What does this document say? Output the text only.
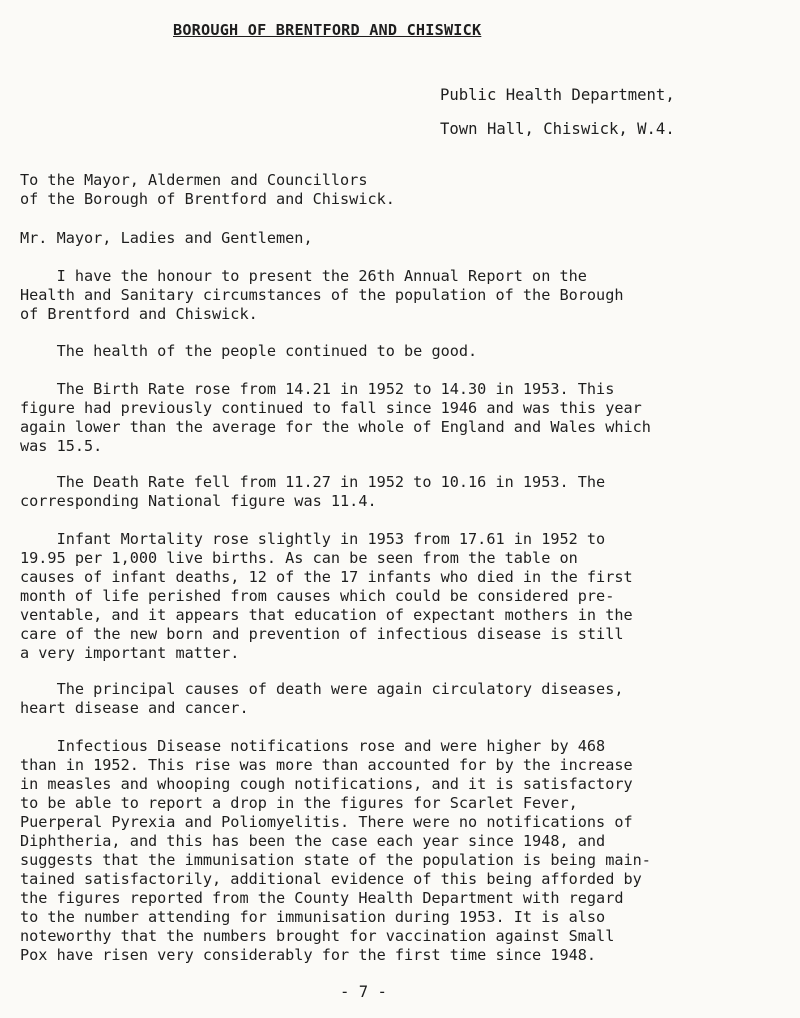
BOROUGH OF BRENTFORD AND CHISWICK
Public Health Department,
Town Hall, Chiswick, W.4.

To the Mayor, Aldermen and Councillors

of the Borough of Brentford and Chiswick.

Mr. Mayor, Ladies and Gentlemen,

I have the honour to present the 26th Annual Report on the

Health and Sanitary circumstances of the population of the Borough

of Brentford and Chiswick.

The health of the people continued to be good.

The Birth Rate rose from 14.21 in 1952 to 14.30 in 1953. This

figure had previously continued to fall since 1946 and was this year

again lower than the average for the whole of England and Wales which

was 15.5.

The Death Rate fell from 11.27 in 1952 to 10.16 in 1953. The

corresponding National figure was 11.4.

Infant Mortality rose slightly in 1953 from 17.61 in 1952 to

19.95 per 1,000 live births. As can be seen from the table on

causes of infant deaths, 12 of the 17 infants who died in the first

month of life perished from causes which could be considered pre-

ventable, and it appears that education of expectant mothers in the

care of the new born and prevention of infectious disease is still

a very important matter.

The principal causes of death were again circulatory diseases,

heart disease and cancer.

Infectious Disease notifications rose and were higher by 468

than in 1952. This rise was more than accounted for by the increase

in measles and whooping cough notifications, and it is satisfactory

to be able to report a drop in the figures for Scarlet Fever,

Puerperal Pyrexia and Poliomyelitis. There were no notifications of

Diphtheria, and this has been the case each year since 1948, and

suggests that the immunisation state of the population is being main-

tained satisfactorily, additional evidence of this being afforded by

the figures reported from the County Health Department with regard

to the number attending for immunisation during 1953. It is also

noteworthy that the numbers brought for vaccination against Small

Pox have risen very considerably for the first time since 1948.

- 7 -
